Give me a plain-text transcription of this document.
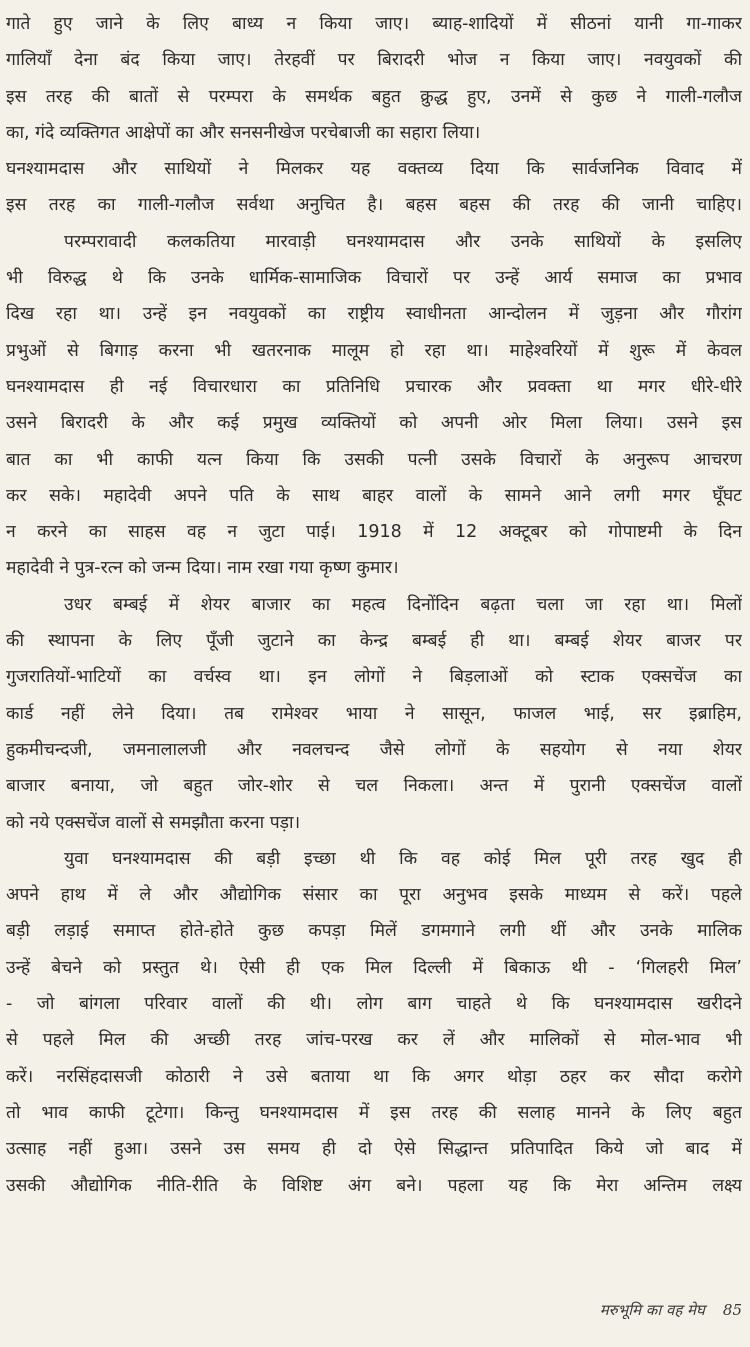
गाते हुए जाने के लिए बाध्य न किया जाए। ब्याह-शादियों में सीठनां यानी गा-गाकर
गालियाँ देना बंद किया जाए। तेरहवीं पर बिरादरी भोज न किया जाए। नवयुवकों की
इस तरह की बातों से परम्परा के समर्थक बहुत क्रुद्ध हुए, उनमें से कुछ ने गाली-गलौज
का, गंदे व्यक्तिगत आक्षेपों का और सनसनीखेज परचेबाजी का सहारा लिया।
घनश्यामदास और साथियों ने मिलकर यह वक्तव्य दिया कि सार्वजनिक विवाद में
इस तरह का गाली-गलौज सर्वथा अनुचित है। बहस बहस की तरह की जानी चाहिए।
परम्परावादी कलकतिया मारवाड़ी घनश्यामदास और उनके साथियों के इसलिए
भी विरुद्ध थे कि उनके धार्मिक-सामाजिक विचारों पर उन्हें आर्य समाज का प्रभाव
दिख रहा था। उन्हें इन नवयुवकों का राष्ट्रीय स्वाधीनता आन्दोलन में जुड़ना और गौरांग
प्रभुओं से बिगाड़ करना भी खतरनाक मालूम हो रहा था। माहेश्वरियों में शुरू में केवल
घनश्यामदास ही नई विचारधारा का प्रतिनिधि प्रचारक और प्रवक्ता था मगर धीरे-धीरे
उसने बिरादरी के और कई प्रमुख व्यक्तियों को अपनी ओर मिला लिया। उसने इस
बात का भी काफी यत्न किया कि उसकी पत्नी उसके विचारों के अनुरूप आचरण
कर सके। महादेवी अपने पति के साथ बाहर वालों के सामने आने लगी मगर घूँघट
न करने का साहस वह न जुटा पाई। 1918 में 12 अक्टूबर को गोपाष्टमी के दिन
महादेवी ने पुत्र-रत्न को जन्म दिया। नाम रखा गया कृष्ण कुमार।
उधर बम्बई में शेयर बाजार का महत्व दिनोंदिन बढ़ता चला जा रहा था। मिलों
की स्थापना के लिए पूँजी जुटाने का केन्द्र बम्बई ही था। बम्बई शेयर बाजर पर
गुजरातियों-भाटियों का वर्चस्व था। इन लोगों ने बिड़लाओं को स्टाक एक्सचेंज का
कार्ड नहीं लेने दिया। तब रामेश्वर भाया ने सासून, फाजल भाई, सर इब्राहिम,
हुकमीचन्दजी, जमनालालजी और नवलचन्द जैसे लोगों के सहयोग से नया शेयर
बाजार बनाया, जो बहुत जोर-शोर से चल निकला। अन्त में पुरानी एक्सचेंज वालों
को नये एक्सचेंज वालों से समझौता करना पड़ा।
युवा घनश्यामदास की बड़ी इच्छा थी कि वह कोई मिल पूरी तरह खुद ही
अपने हाथ में ले और औद्योगिक संसार का पूरा अनुभव इसके माध्यम से करें। पहले
बड़ी लड़ाई समाप्त होते-होते कुछ कपड़ा मिलें डगमगाने लगी थीं और उनके मालिक
उन्हें बेचने को प्रस्तुत थे। ऐसी ही एक मिल दिल्ली में बिकाऊ थी - ‘गिलहरी मिल’
- जो बांगला परिवार वालों की थी। लोग बाग चाहते थे कि घनश्यामदास खरीदने
से पहले मिल की अच्छी तरह जांच-परख कर लें और मालिकों से मोल-भाव भी
करें। नरसिंहदासजी कोठारी ने उसे बताया था कि अगर थोड़ा ठहर कर सौदा करोगे
तो भाव काफी टूटेगा। किन्तु घनश्यामदास में इस तरह की सलाह मानने के लिए बहुत
उत्साह नहीं हुआ। उसने उस समय ही दो ऐसे सिद्धान्त प्रतिपादित किये जो बाद में
उसकी औद्योगिक नीति-रीति के विशिष्ट अंग बने। पहला यह कि मेरा अन्तिम लक्ष्य
मरुभूमि का वह मेघ 85
